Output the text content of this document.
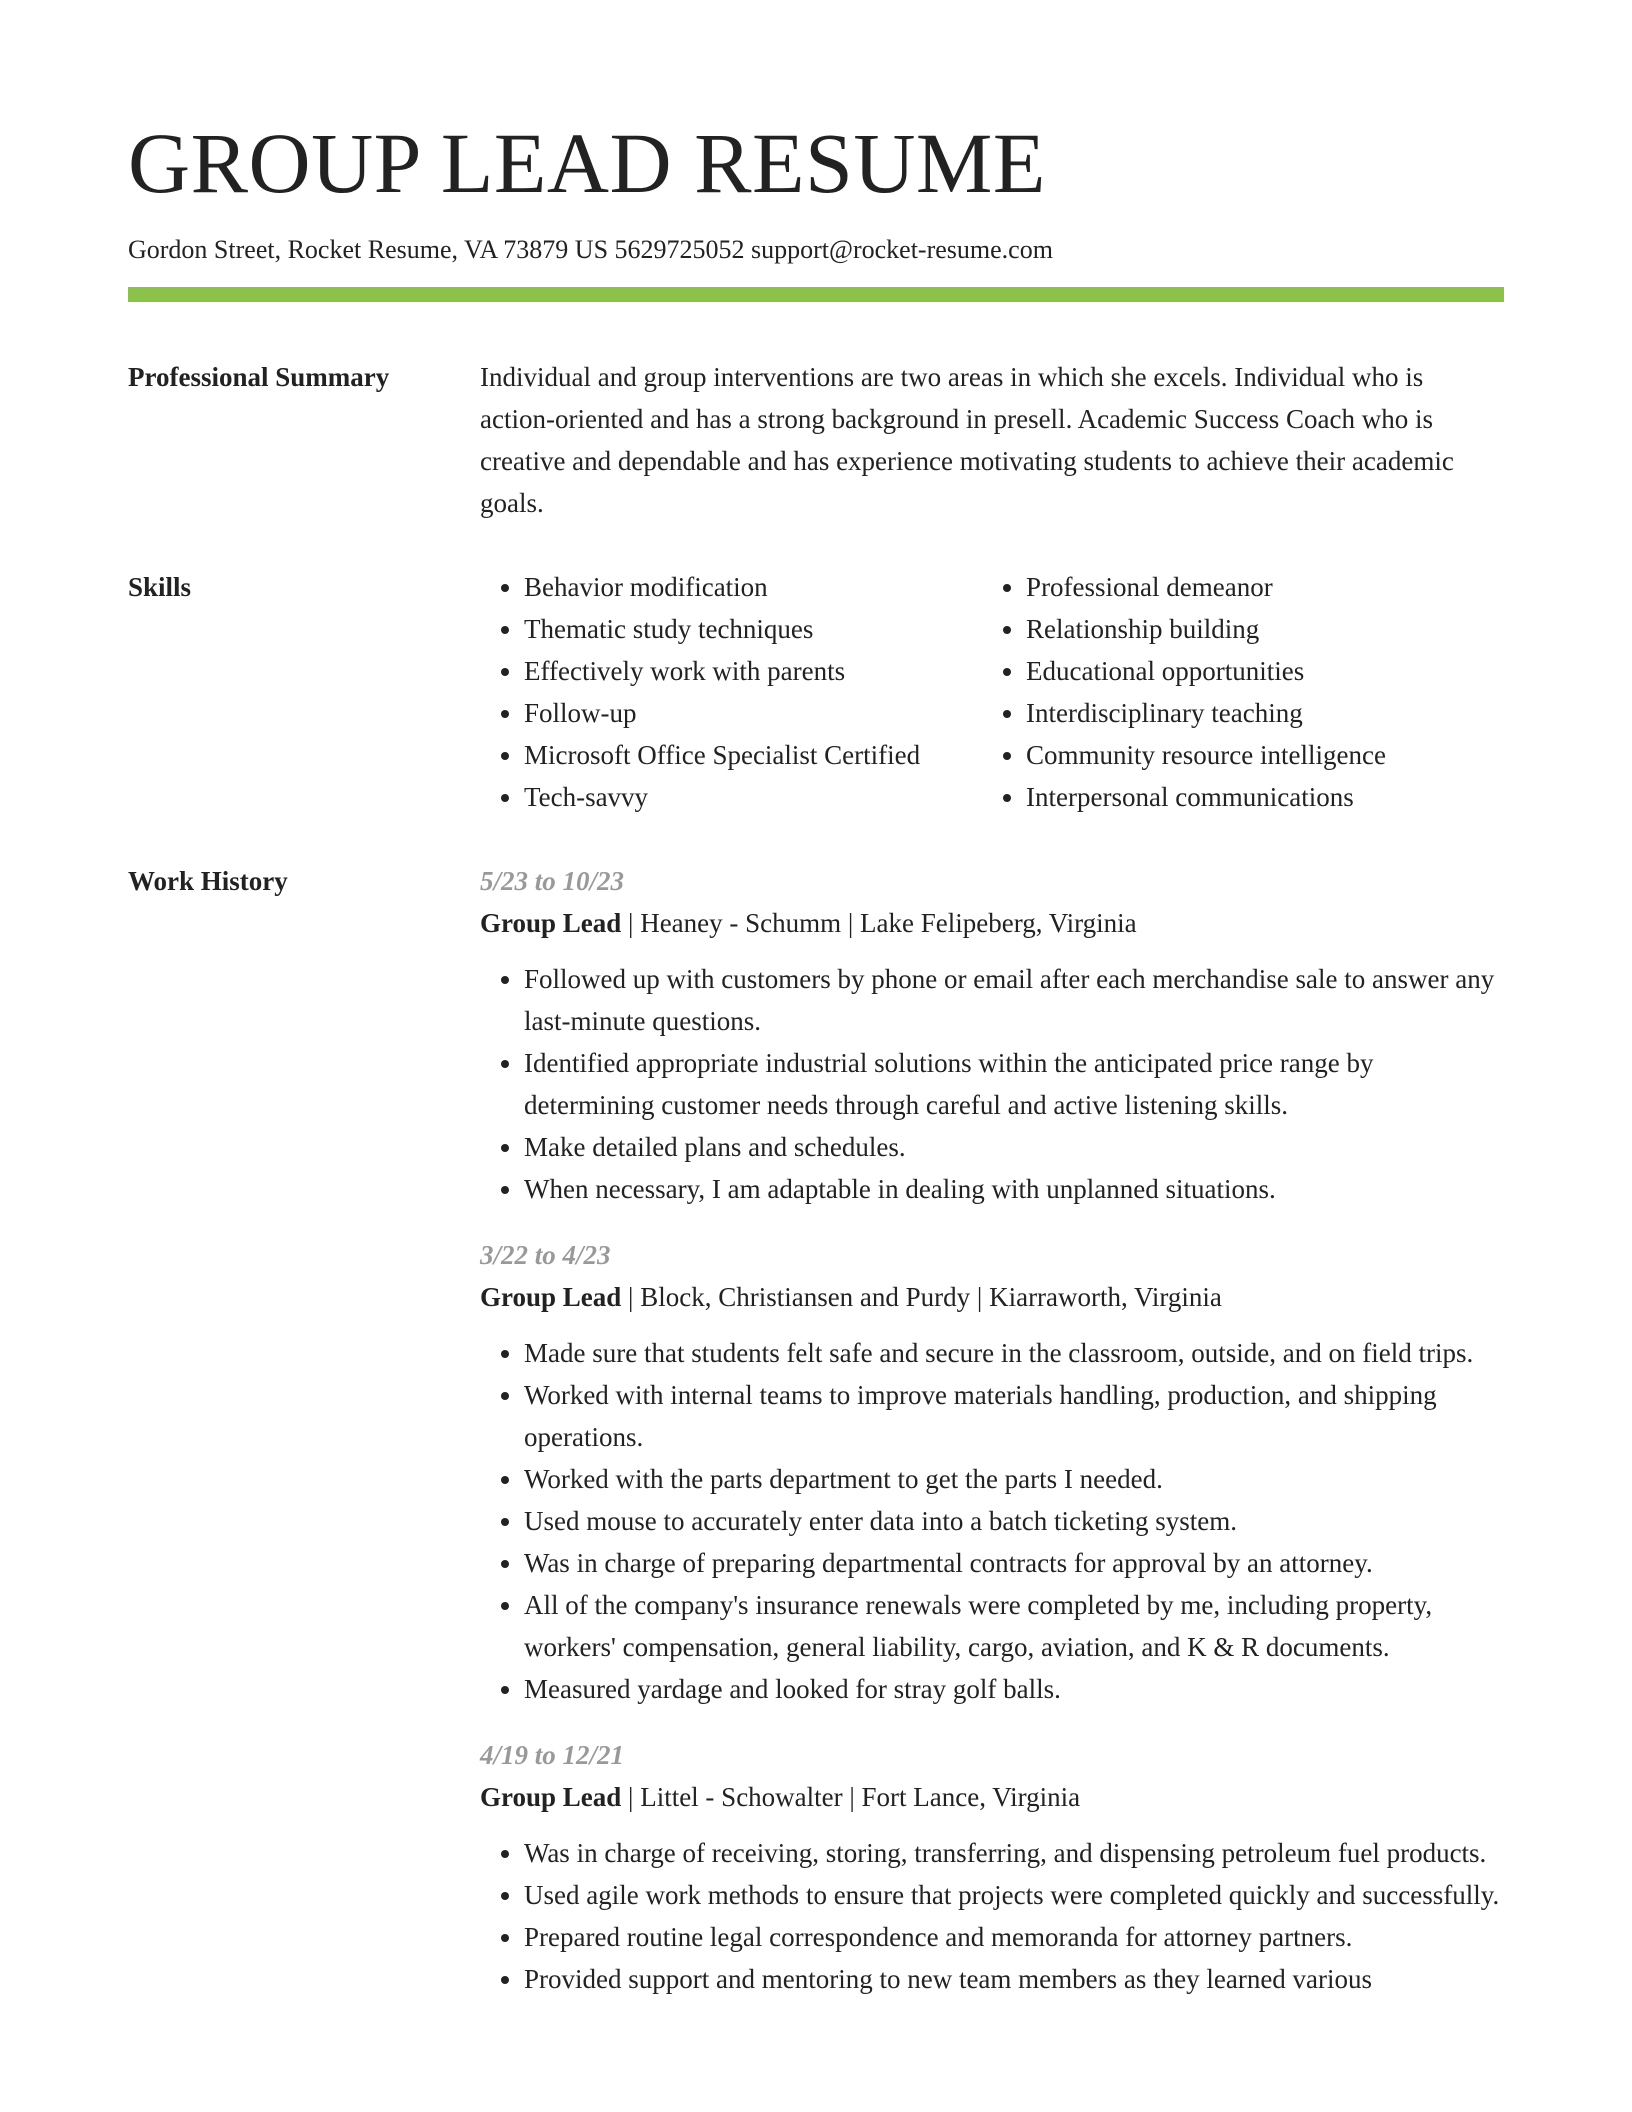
GROUP LEAD RESUME
Gordon Street, Rocket Resume, VA 73879 US 5629725052 support@rocket-resume.com
Professional Summary	Individual and group interventions are two areas in which she excels. Individual who is action-oriented and has a strong background in presell. Academic Success Coach who is creative and dependable and has experience motivating students to achieve their academic goals.

Skills
•	Behavior modification
• Thematic study techniques
• Effectively work with parents
• Follow-up
• Microsoft Office Specialist Certified
• Tech-savvy
• Professional demeanor
• Relationship building
• Educational opportunities
• Interdisciplinary teaching
• Community resource intelligence
• Interpersonal communications
Work History	5/23 to 10/23
Group Lead | Heaney - Schumm | Lake Felipeberg, Virginia
• Followed up with customers by phone or email after each merchandise sale to answer any last-minute questions.
• Identified appropriate industrial solutions within the anticipated price range by determining customer needs through careful and active listening skills.
• Make detailed plans and schedules.
• When necessary, I am adaptable in dealing with unplanned situations.
3/22 to 4/23
Group Lead | Block, Christiansen and Purdy | Kiarraworth, Virginia
• Made sure that students felt safe and secure in the classroom, outside, and on field trips.
• Worked with internal teams to improve materials handling, production, and shipping operations.
• Worked with the parts department to get the parts I needed.
• Used mouse to accurately enter data into a batch ticketing system.
• Was in charge of preparing departmental contracts for approval by an attorney.
• All of the company's insurance renewals were completed by me, including property, workers' compensation, general liability, cargo, aviation, and K & R documents.
• Measured yardage and looked for stray golf balls.
4/19 to 12/21
Group Lead | Littel - Schowalter | Fort Lance, Virginia
• Was in charge of receiving, storing, transferring, and dispensing petroleum fuel products.
• Used agile work methods to ensure that projects were completed quickly and successfully.
• Prepared routine legal correspondence and memoranda for attorney partners.
• Provided support and mentoring to new team members as they learned various
